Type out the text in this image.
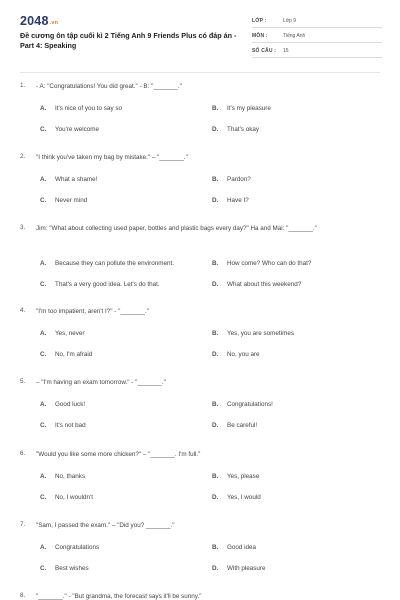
2048.vn
Đề cương ôn tập cuối kì 2 Tiếng Anh 9 Friends Plus có đáp án - Part 4: Speaking
LỚP :	Lớp 9
MÔN :	Tiếng Anh
SỐ CÂU : 15
1. - A: "Congratulations! You did great." - B: "_______."
A. It's nice of you to say so	B. It's my pleasure
C. You're welcome	D. That's okay
2. "I think you've taken my bag by mistake." – "_______."
A. What a shame!	B. Pardon?
C. Never mind	D. Have I?
3. Jim: "What about collecting used paper, bottles and plastic bags every day?" Ha and Mai: "_______."
A. Because they can pollute the environment.	B. How come? Who can do that?
C. That's a very good idea. Let's do that.	D. What about this weekend?
4. "I'm too impatient, aren't I?" - "_______."
A. Yes, never	B. Yes, you are sometimes
C. No, I'm afraid	D. No, you are
5. – "I'm having an exam tomorrow." - "_______."
A. Good luck!	B. Congratulations!
C. It's not bad	D. Be careful!
6. "Would you like some more chicken?" – "_______. I'm full."
A. No, thanks	B. Yes, please
C. No, I wouldn't	D. Yes, I would
7. "Sam, I passed the exam." – "Did you? _______."
A. Congratulations	B. Good idea
C. Best wishes	D. With pleasure
8. "_______." - "But grandma, the forecast says it'll be sunny."
